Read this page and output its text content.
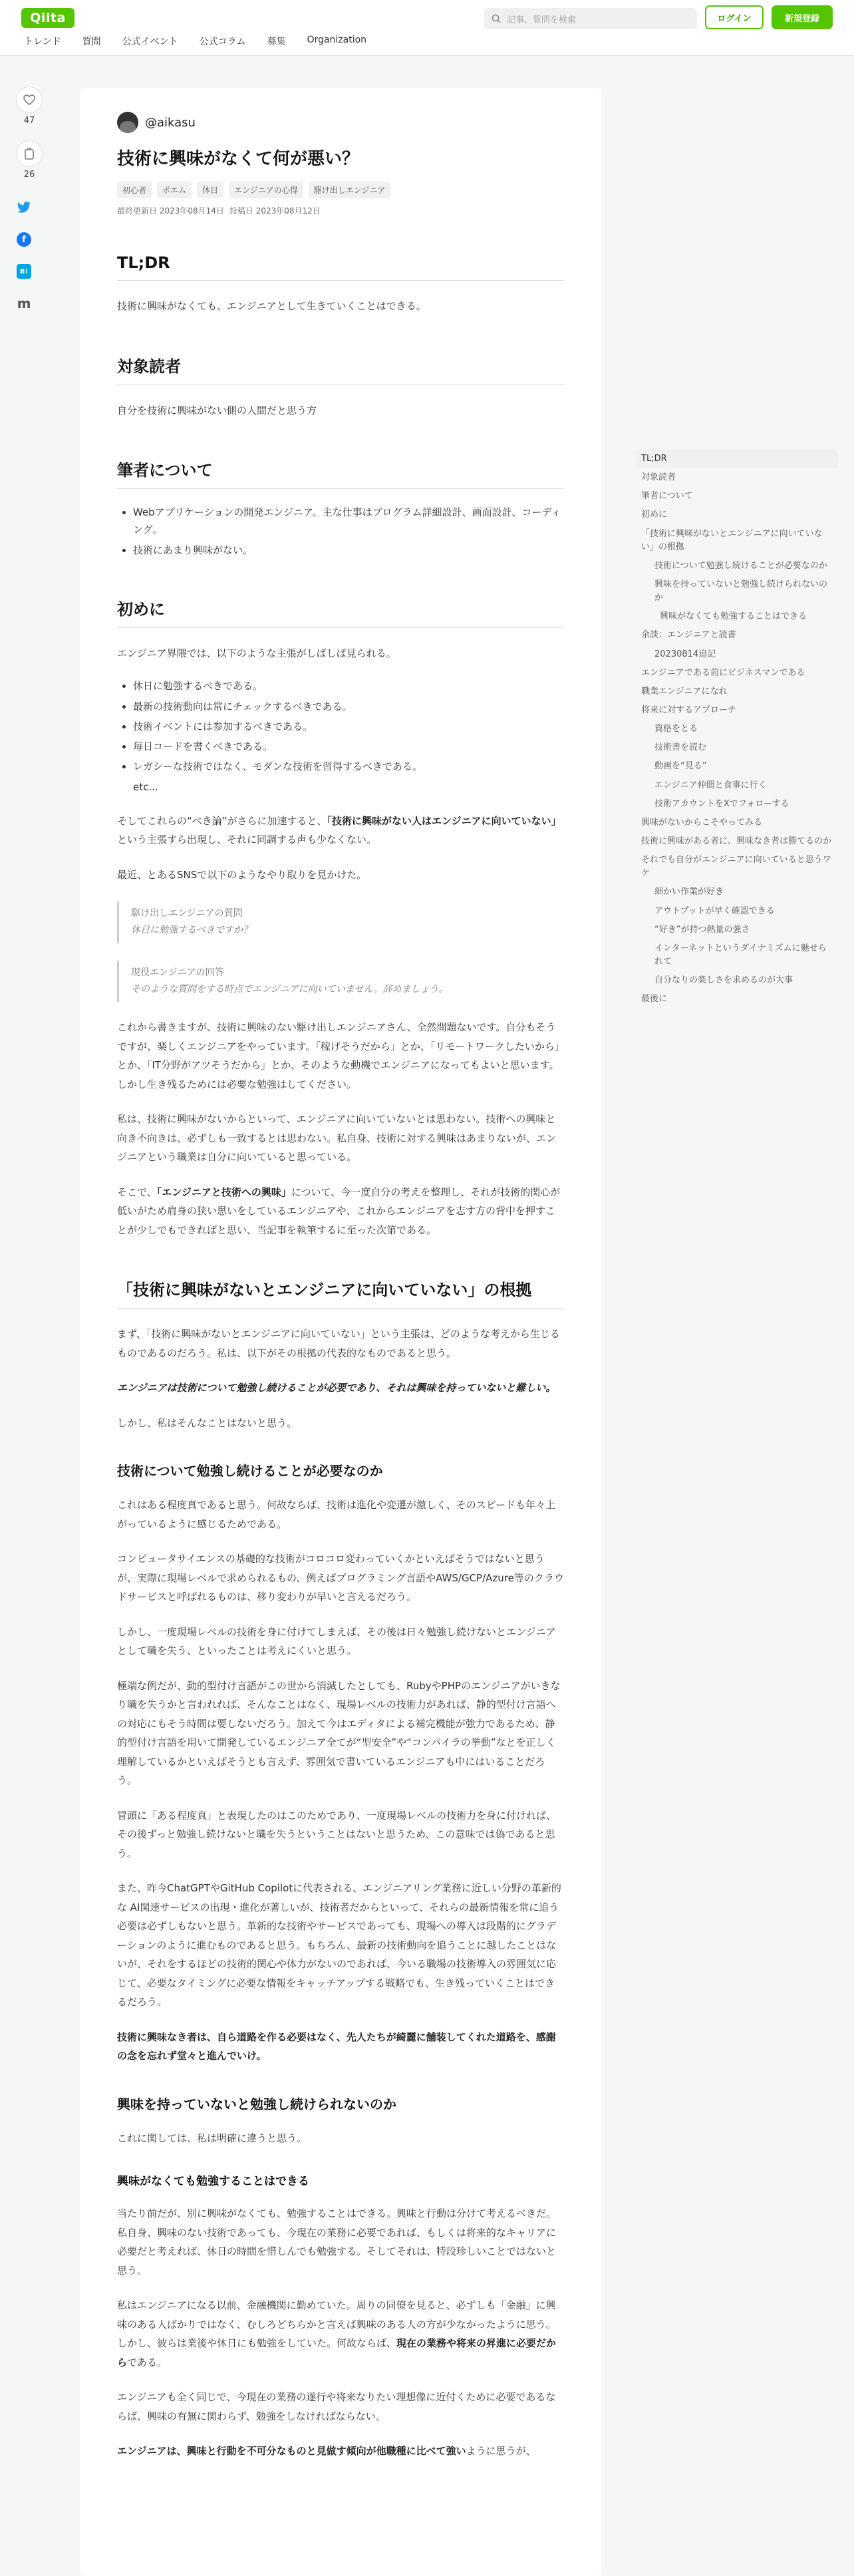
Qiita
トレンド 質問 公式イベント 公式コラム 募集 Organization
記事、質問を検索	ログイン	新規登録
47
26
f
B!
m
@aikasu
技術に興味がなくて何が悪い？
初心者	ポエム	休日	エンジニアの心得	駆け出しエンジニア
最終更新日 2023年08月14日 投稿日 2023年08月12日
TL;DR

技術に興味がなくても、エンジニアとして生きていくことはできる。

対象読者

自分を技術に興味がない側の人間だと思う方

筆者について
• Webアプリケーションの開発エンジニア。主な仕事はプログラム詳細設計、画面設計、コーディング。
• 技術にあまり興味がない。
初めに

エンジニア界隈では、以下のような主張がしばしば見られる。

• 休日に勉強するべきである。
• 最新の技術動向は常にチェックするべきである。
• 技術イベントには参加するべきである。
• 毎日コードを書くべきである。
• レガシーな技術ではなく、モダンな技術を習得するべきである。
etc...

そしてこれらの“べき論”がさらに加速すると、「技術に興味がない人はエンジニアに向いていない」という主張すら出現し、それに同調する声も少なくない。

最近、とあるSNSで以下のようなやり取りを見かけた。

駆け出しエンジニアの質問
休日に勉強するべきですか？
現役エンジニアの回答
そのような質問をする時点でエンジニアに向いていません。辞めましょう。

これから書きますが、技術に興味のない駆け出しエンジニアさん、全然問題ないです。自分もそうですが、楽しくエンジニアをやっています。「稼げそうだから」とか、「リモートワークしたいから」とか、「IT分野がアツそうだから」とか、そのような動機でエンジニアになってもよいと思います。しかし生き残るためには必要な勉強はしてください。

私は、技術に興味がないからといって、エンジニアに向いていないとは思わない。技術への興味と向き不向きは、必ずしも一致するとは思わない。私自身、技術に対する興味はあまりないが、エンジニアという職業は自分に向いていると思っている。

そこで、「エンジニアと技術への興味」について、今一度自分の考えを整理し、それが技術的関心が低いがため肩身の狭い思いをしているエンジニアや、これからエンジニアを志す方の背中を押すことが少しでもできればと思い、当記事を執筆するに至った次第である。

「技術に興味がないとエンジニアに向いていない」の根拠

まず、「技術に興味がないとエンジニアに向いていない」という主張は、どのような考えから生じるものであるのだろう。私は、以下がその根拠の代表的なものであると思う。

エンジニアは技術について勉強し続けることが必要であり、それは興味を持っていないと難しい。

しかし、私はそんなことはないと思う。

技術について勉強し続けることが必要なのか

これはある程度真であると思う。何故ならば、技術は進化や変遷が激しく、そのスピードも年々上がっているように感じるためである。

コンピュータサイエンスの基礎的な技術がコロコロ変わっていくかといえばそうではないと思うが、実際に現場レベルで求められるもの、例えばプログラミング言語やAWS/GCP/Azure等のクラウドサービスと呼ばれるものは、移り変わりが早いと言えるだろう。

しかし、一度現場レベルの技術を身に付けてしまえば、その後は日々勉強し続けないとエンジニアとして職を失う、といったことは考えにくいと思う。

極端な例だが、動的型付け言語がこの世から消滅したとしても、RubyやPHPのエンジニアがいきなり職を失うかと言われれば、そんなことはなく、現場レベルの技術力があれば、静的型付け言語への対応にもそう時間は要しないだろう。加えて今はエディタによる補完機能が強力であるため、静的型付け言語を用いて開発しているエンジニア全てが“型安全”や“コンパイラの挙動”なとを正しく理解しているかといえばそうとも言えず、雰囲気で書いているエンジニアも中にはいることだろう。

冒頭に「ある程度真」と表現したのはこのためであり、一度現場レベルの技術力を身に付ければ、その後ずっと勉強し続けないと職を失うということはないと思うため、この意味では偽であると思う。

また、昨今ChatGPTやGitHub Copilotに代表される、エンジニアリング業務に近しい分野の革新的な AI関連サービスの出現・進化が著しいが、技術者だからといって、それらの最新情報を常に追う必要は必ずしもないと思う。革新的な技術やサービスであっても、現場への導入は段階的にグラデーションのように進むものであると思う。もちろん、最新の技術動向を追うことに越したことはないが、それをするほどの技術的関心や体力がないのであれば、今いる職場の技術導入の雰囲気に応じて、必要なタイミングに必要な情報をキャッチアップする戦略でも、生き残っていくことはできるだろう。

技術に興味なき者は、自ら道路を作る必要はなく、先人たちが綺麗に舗装してくれた道路を、感謝の念を忘れず堂々と進んでいけ。

興味を持っていないと勉強し続けられないのか

これに関しては、私は明確に違うと思う。

興味がなくても勉強することはできる

当たり前だが、別に興味がなくても、勉強することはできる。興味と行動は分けて考えるべきだ。私自身、興味のない技術であっても、今現在の業務に必要であれば、もしくは将来的なキャリアに必要だと考えれば、休日の時間を惜しんでも勉強する。そしてそれは、特段珍しいことではないと思う。

私はエンジニアになる以前、金融機関に勤めていた。周りの同僚を見ると、必ずしも「金融」に興味のある人ばかりではなく、むしろどちらかと言えば興味のある人の方が少なかったように思う。
しかし、彼らは業後や休日にも勉強をしていた。何故ならば、現在の業務や将来の昇進に必要だからである。

エンジニアも全く同じで、今現在の業務の遂行や将来なりたい理想像に近付くために必要であるならば、興味の有無に関わらず、勉強をしなければならない。

エンジニアは、興味と行動を不可分なものと見做す傾向が他職種に比べて強いように思うが、

TL;DR
対象読者
筆者について
初めに
「技術に興味がないとエンジニアに向いていない」の根拠
技術について勉強し続けることが必要なのか
興味を持っていないと勉強し続けられないのか
興味がなくても勉強することはできる
余談：エンジニアと読書
20230814追記
エンジニアである前にビジネスマンである
職業エンジニアになれ
将来に対するアプローチ
資格をとる
技術書を読む
動画を“見る”
エンジニア仲間と食事に行く
技術アカウントをXでフォローする
興味がないからこそやってみる
技術に興味がある者に、興味なき者は勝てるのか
それでも自分がエンジニアに向いていると思うワケ
細かい作業が好き
アウトプットが早く確認できる
“好き”が持つ熱量の強さ
インターネットというダイナミズムに魅せられて
自分なりの楽しさを求めるのが大事
最後に
